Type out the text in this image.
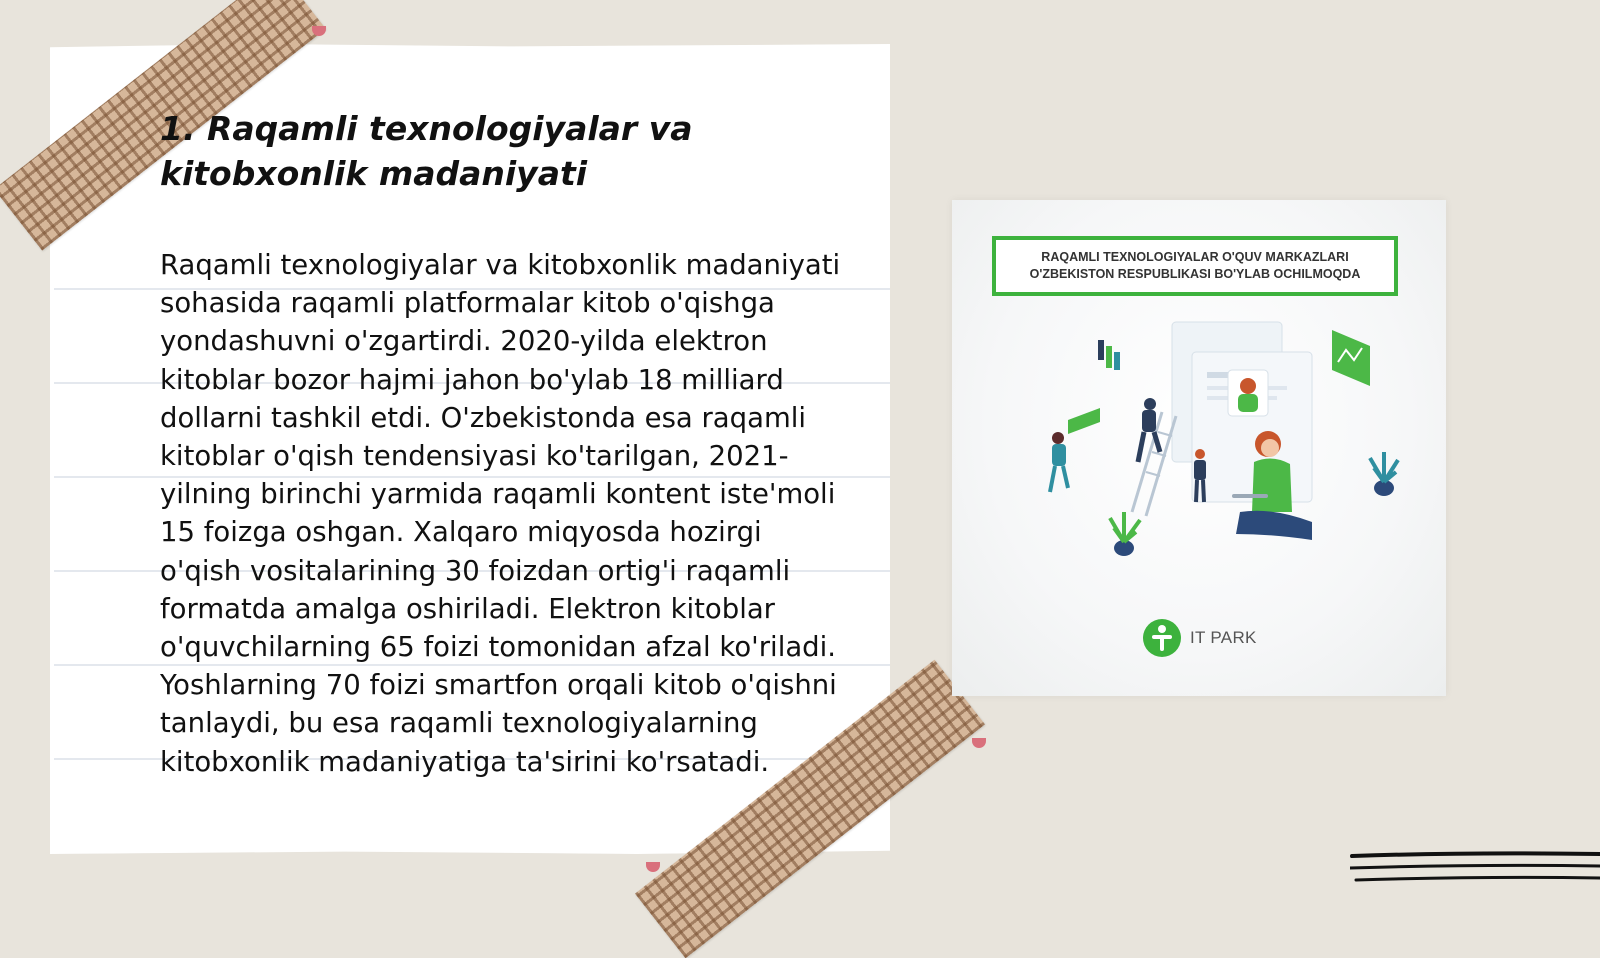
1. Raqamli texnologiyalar va kitobxonlik madaniyati

Raqamli texnologiyalar va kitobxonlik madaniyati sohasida raqamli platformalar kitob o'qishga yondashuvni o'zgartirdi. 2020-yilda elektron kitoblar bozor hajmi jahon bo'ylab 18 milliard dollarni tashkil etdi. O'zbekistonda esa raqamli kitoblar o'qish tendensiyasi ko'tarilgan, 2021-yilning birinchi yarmida raqamli kontent iste'moli 15 foizga oshgan. Xalqaro miqyosda hozirgi o'qish vositalarining 30 foizdan ortig'i raqamli formatda amalga oshiriladi. Elektron kitoblar o'quvchilarning 65 foizi tomonidan afzal ko'riladi. Yoshlarning 70 foizi smartfon orqali kitob o'qishni tanlaydi, bu esa raqamli texnologiyalarning kitobxonlik madaniyatiga ta'sirini ko'rsatadi.

RAQAMLI TEXNOLOGIYALAR O'QUV MARKAZLARI
O'ZBEKISTON RESPUBLIKASI BO'YLAB OCHILMOQDA
IT PARK
